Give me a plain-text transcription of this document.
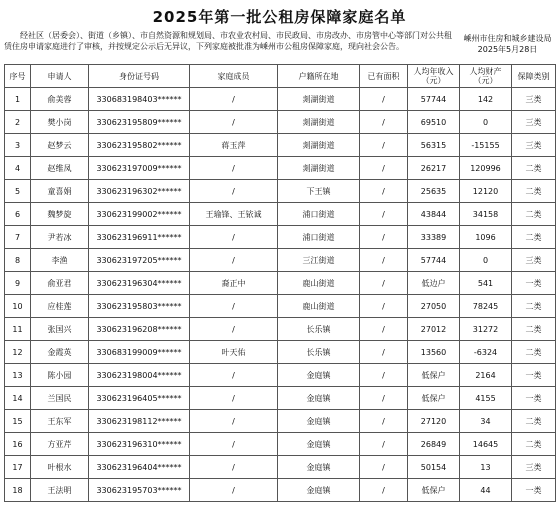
2025年第一批公租房保障家庭名单
经社区（居委会）、街道（乡镇）、市自然资源和规划局、市农业农村局、市民政局、市房改办、市房管中心等部门对公共租赁住房申请家庭进行了审核，并按规定公示后无异议，下列家庭被批准为嵊州市公租房保障家庭，现向社会公告。
嵊州市住房和城乡建设局
2025年5月28日
序号	申请人	身份证号码	家庭成员	户籍所在地	已有面积	人均年收入（元）	人均财产（元）	保障类别
1	俞美蓉	330683198403******	/	剡湖街道	/	57744	142	三类
2	樊小岗	330623195809******	/	剡湖街道	/	69510	0	三类
3	赵梦云	330623195802******	蒋玉萍	剡湖街道	/	56315	-15155	三类
4	赵维凤	330623197009******	/	剡湖街道	/	26217	120996	二类
5	童喜娟	330623196302******	/	下王镇	/	25635	12120	二类
6	魏梦旋	330623199002******	王瑜锋、王铱诚	浦口街道	/	43844	34158	二类
7	尹若冰	330623196911******	/	浦口街道	/	33389	1096	二类
8	李渔	330623197205******	/	三江街道	/	57744	0	三类
9	俞亚君	330623196304******	裔正中	鹿山街道	/	低边户	541	一类
10	应桂莲	330623195803******	/	鹿山街道	/	27050	78245	二类
11	张国兴	330623196208******	/	长乐镇	/	27012	31272	二类
12	金霞英	330683199009******	叶天佑	长乐镇	/	13560	-6324	二类
13	陈小园	330623198004******	/	金庭镇	/	低保户	2164	一类
14	兰国民	330623196405******	/	金庭镇	/	低保户	4155	一类
15	王东军	330623198112******	/	金庭镇	/	27120	34	二类
16	方亚芹	330623196310******	/	金庭镇	/	26849	14645	二类
17	叶根水	330623196404******	/	金庭镇	/	50154	13	三类
18	王法明	330623195703******	/	金庭镇	/	低保户	44	一类
